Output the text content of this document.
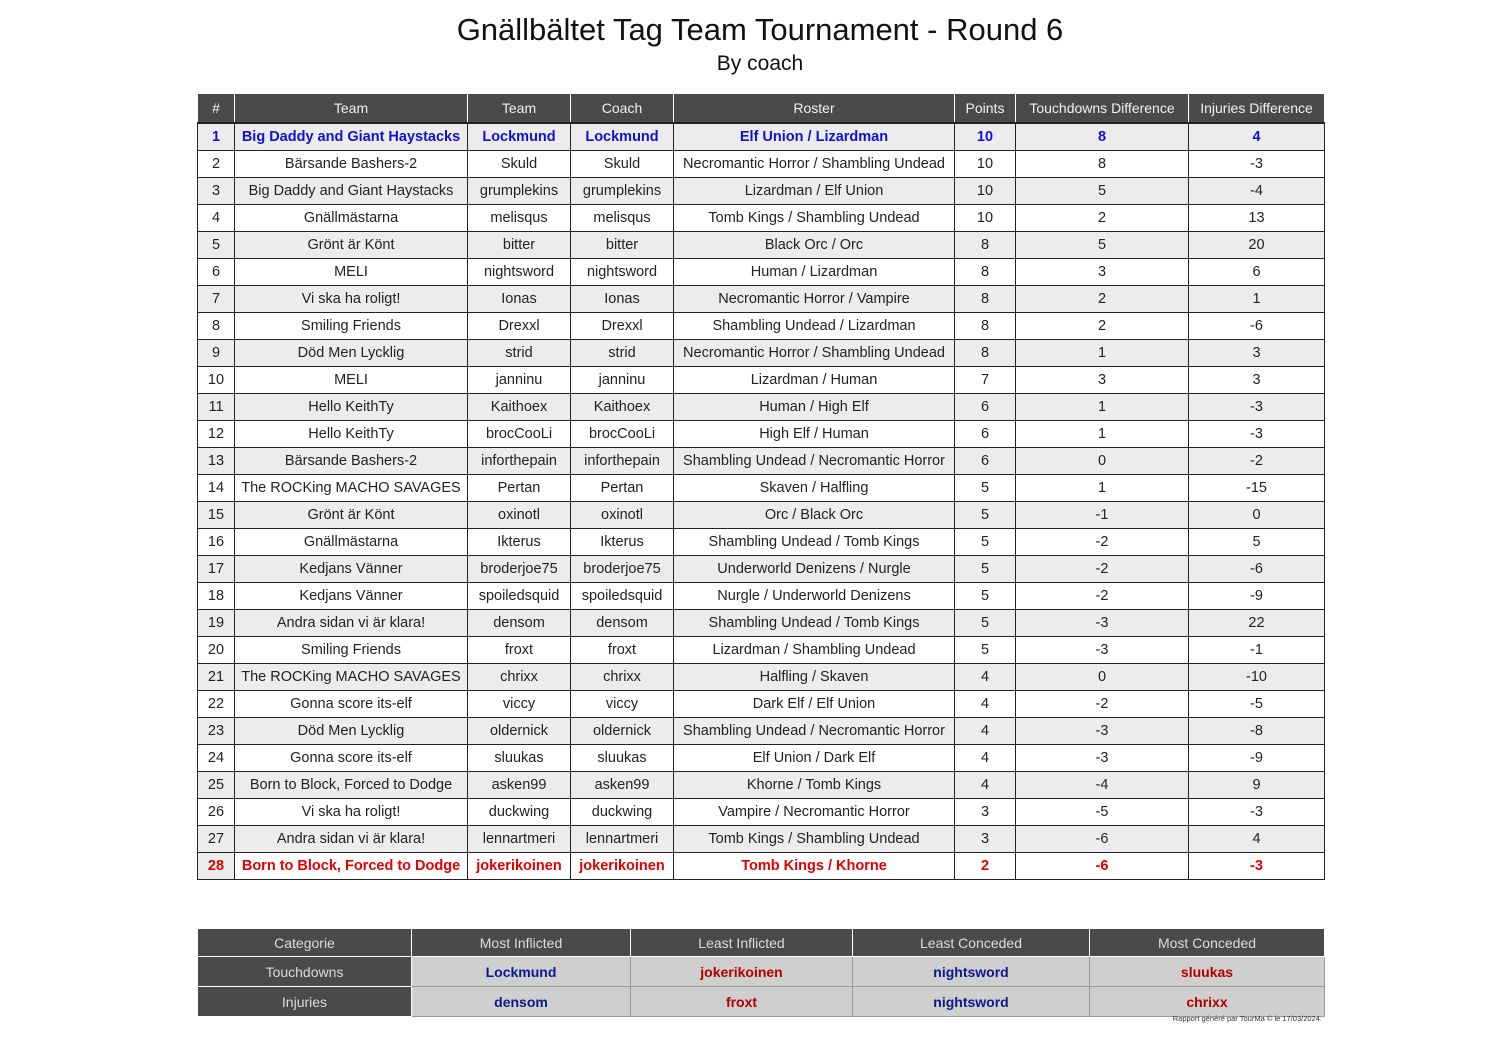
Gnällbältet Tag Team Tournament - Round 6
By coach
#	Team	Team	Coach	Roster	Points	Touchdowns Difference	Injuries Difference
1	Big Daddy and Giant Haystacks	Lockmund	Lockmund	Elf Union / Lizardman	10	8	4
2	Bärsande Bashers-2	Skuld	Skuld	Necromantic Horror / Shambling Undead	10	8	-3
3	Big Daddy and Giant Haystacks	grumplekins	grumplekins	Lizardman / Elf Union	10	5	-4
4	Gnällmästarna	melisqus	melisqus	Tomb Kings / Shambling Undead	10	2	13
5	Grönt är Könt	bitter	bitter	Black Orc / Orc	8	5	20
6	MELI	nightsword	nightsword	Human / Lizardman	8	3	6
7	Vi ska ha roligt!	Ionas	Ionas	Necromantic Horror / Vampire	8	2	1
8	Smiling Friends	Drexxl	Drexxl	Shambling Undead / Lizardman	8	2	-6
9	Död Men Lycklig	strid	strid	Necromantic Horror / Shambling Undead	8	1	3
10	MELI	janninu	janninu	Lizardman / Human	7	3	3
11	Hello KeithTy	Kaithoex	Kaithoex	Human / High Elf	6	1	-3
12	Hello KeithTy	brocCooLi	brocCooLi	High Elf / Human	6	1	-3
13	Bärsande Bashers-2	inforthepain	inforthepain	Shambling Undead / Necromantic Horror	6	0	-2
14	The ROCKing MACHO SAVAGES	Pertan	Pertan	Skaven / Halfling	5	1	-15
15	Grönt är Könt	oxinotl	oxinotl	Orc / Black Orc	5	-1	0
16	Gnällmästarna	Ikterus	Ikterus	Shambling Undead / Tomb Kings	5	-2	5
17	Kedjans Vänner	broderjoe75	broderjoe75	Underworld Denizens / Nurgle	5	-2	-6
18	Kedjans Vänner	spoiledsquid	spoiledsquid	Nurgle / Underworld Denizens	5	-2	-9
19	Andra sidan vi är klara!	densom	densom	Shambling Undead / Tomb Kings	5	-3	22
20	Smiling Friends	froxt	froxt	Lizardman / Shambling Undead	5	-3	-1
21	The ROCKing MACHO SAVAGES	chrixx	chrixx	Halfling / Skaven	4	0	-10
22	Gonna score its-elf	viccy	viccy	Dark Elf / Elf Union	4	-2	-5
23	Död Men Lycklig	oldernick	oldernick	Shambling Undead / Necromantic Horror	4	-3	-8
24	Gonna score its-elf	sluukas	sluukas	Elf Union / Dark Elf	4	-3	-9
25	Born to Block, Forced to Dodge	asken99	asken99	Khorne / Tomb Kings	4	-4	9
26	Vi ska ha roligt!	duckwing	duckwing	Vampire / Necromantic Horror	3	-5	-3
27	Andra sidan vi är klara!	lennartmeri	lennartmeri	Tomb Kings / Shambling Undead	3	-6	4
28	Born to Block, Forced to Dodge	jokerikoinen	jokerikoinen	Tomb Kings / Khorne	2	-6	-3
Categorie	Most Inflicted	Least Inflicted	Least Conceded	Most Conceded
Touchdowns	Lockmund	jokerikoinen	nightsword	sluukas
Injuries	densom	froxt	nightsword	chrixx
Rapport généré par TourMa © le 17/03/2024.
